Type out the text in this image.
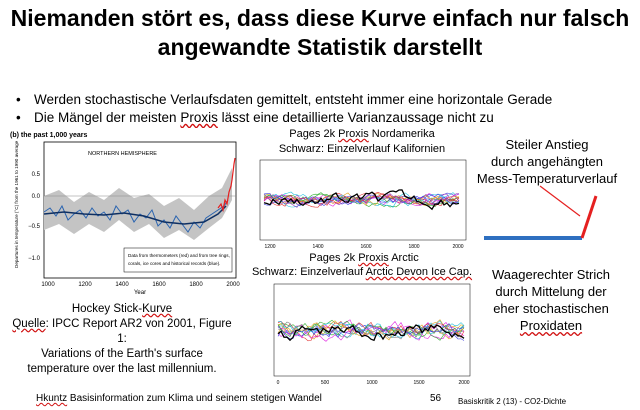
Niemanden stört es, dass diese Kurve einfach nur falsch
angewandte Statistik darstellt
• Werden stochastische Verlaufsdaten gemittelt, entsteht immer eine horizontale Gerade
• Die Mängel der meisten Proxis lässt eine detaillierte Varianzaussage nicht zu
(b) the past 1,000 years
NORTHERN HEMISPHERE
0.5
0.0
−0.5
−1.0
1000	1200	1400	1600	1800	2000
Year
Departures in temperature (°C) from the 1961 to 1990 average	Data from thermometers (red) and from tree rings,
corals, ice cores and historical records (blue).
Hockey Stick-Kurve
Quelle: IPCC Report AR2 von 2001, Figure 1:
Variations of the Earth's surface
temperature over the last millennium.
Pages 2k Proxis Nordamerika
Schwarz: Einzelverlauf Kalifornien
1200	1400	1600	1800	2000
Pages 2k Proxis Arctic
Schwarz: Einzelverlauf Arctic Devon Ice Cap.
0	500	1000	1500	2000
Steiler Anstieg
durch angehängten
Mess-Temperaturverlauf
Waagerechter Strich
durch Mittelung der
eher stochastischen
Proxidaten
Hkuntz Basisinformation zum Klima und seinem stetigen Wandel	56 Basiskritik 2 (13) - CO2-Dichte
